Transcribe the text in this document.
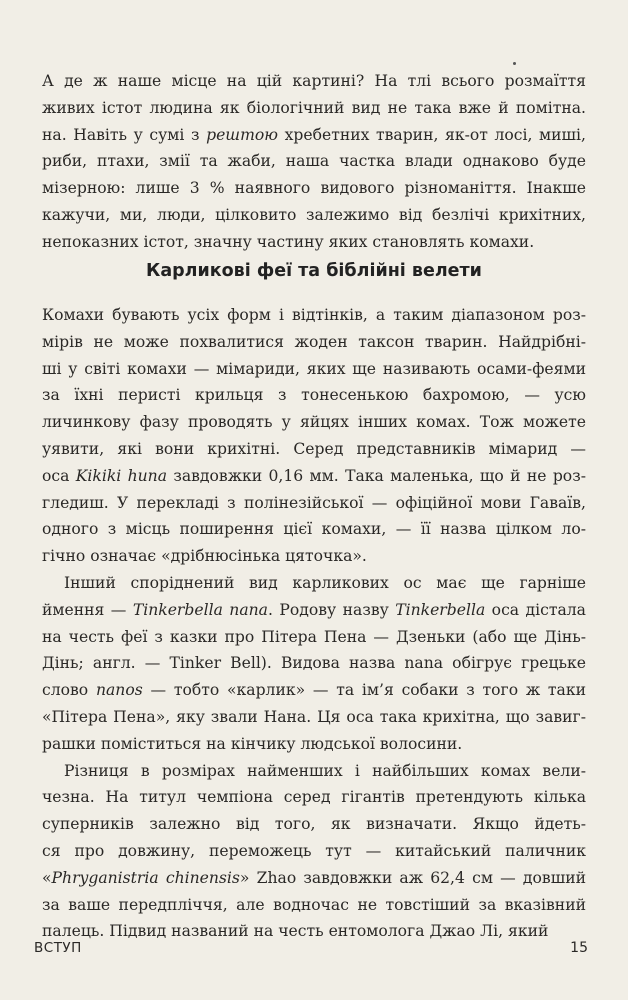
А де ж наше місце на цій картині? На тлі всього розмаїття
живих істот людина як біологічний вид не така вже й помітна.
на. Навіть у сумі з рештою хребетних тварин, як-от лосі, миші,
риби, птахи, змії та жаби, наша частка влади однаково буде
мізерною: лише 3 % наявного видового різноманіття. Інакше
кажучи, ми, люди, цілковито залежимо від безлічі крихітних,
непоказних істот, значну частину яких становлять комахи.

Карликові феї та біблійні велети

Комахи бувають усіх форм і відтінків, а таким діапазоном роз-
мірів не може похвалитися жоден таксон тварин. Найдрібні-
ші у світі комахи — мімариди, яких ще називають осами-феями
за їхні перисті крильця з тонесенькою бахромою, — усю
личинкову фазу проводять у яйцях інших комах. Тож можете
уявити, які вони крихітні. Серед представників мімарид —
оса Kikiki huna завдовжки 0,16 мм. Така маленька, що й не роз-
гледиш. У перекладі з полінезійської — офіційної мови Гаваїв,
одного з місць поширення цієї комахи, — її назва цілком ло-
гічно означає «дрібнюсінька цяточка».

Інший споріднений вид карликових ос має ще гарніше
ймення — Tinkerbella nana. Родову назву Tinkerbella оса дістала
на честь феї з казки про Пітера Пена — Дзеньки (або ще Дінь-
Дінь; англ. — Tinker Bell). Видова назва nana обігрує грецьке
слово nanos — тобто «карлик» — та ім’я собаки з того ж таки
«Пітера Пена», яку звали Нана. Ця оса така крихітна, що завиг-
рашки поміститься на кінчику людської волосини.

Різниця в розмірах найменших і найбільших комах вели-
чезна. На титул чемпіона серед гігантів претендують кілька
суперників залежно від того, як визначати. Якщо йдеть-
ся про довжину, переможець тут — китайський паличник
«Phryganistria chinensis» Zhao завдовжки аж 62,4 см — довший
за ваше передпліччя, але водночас не товстіший за вказівний
палець. Підвид названий на честь ентомолога Джао Лі, який

ВСТУП	15
